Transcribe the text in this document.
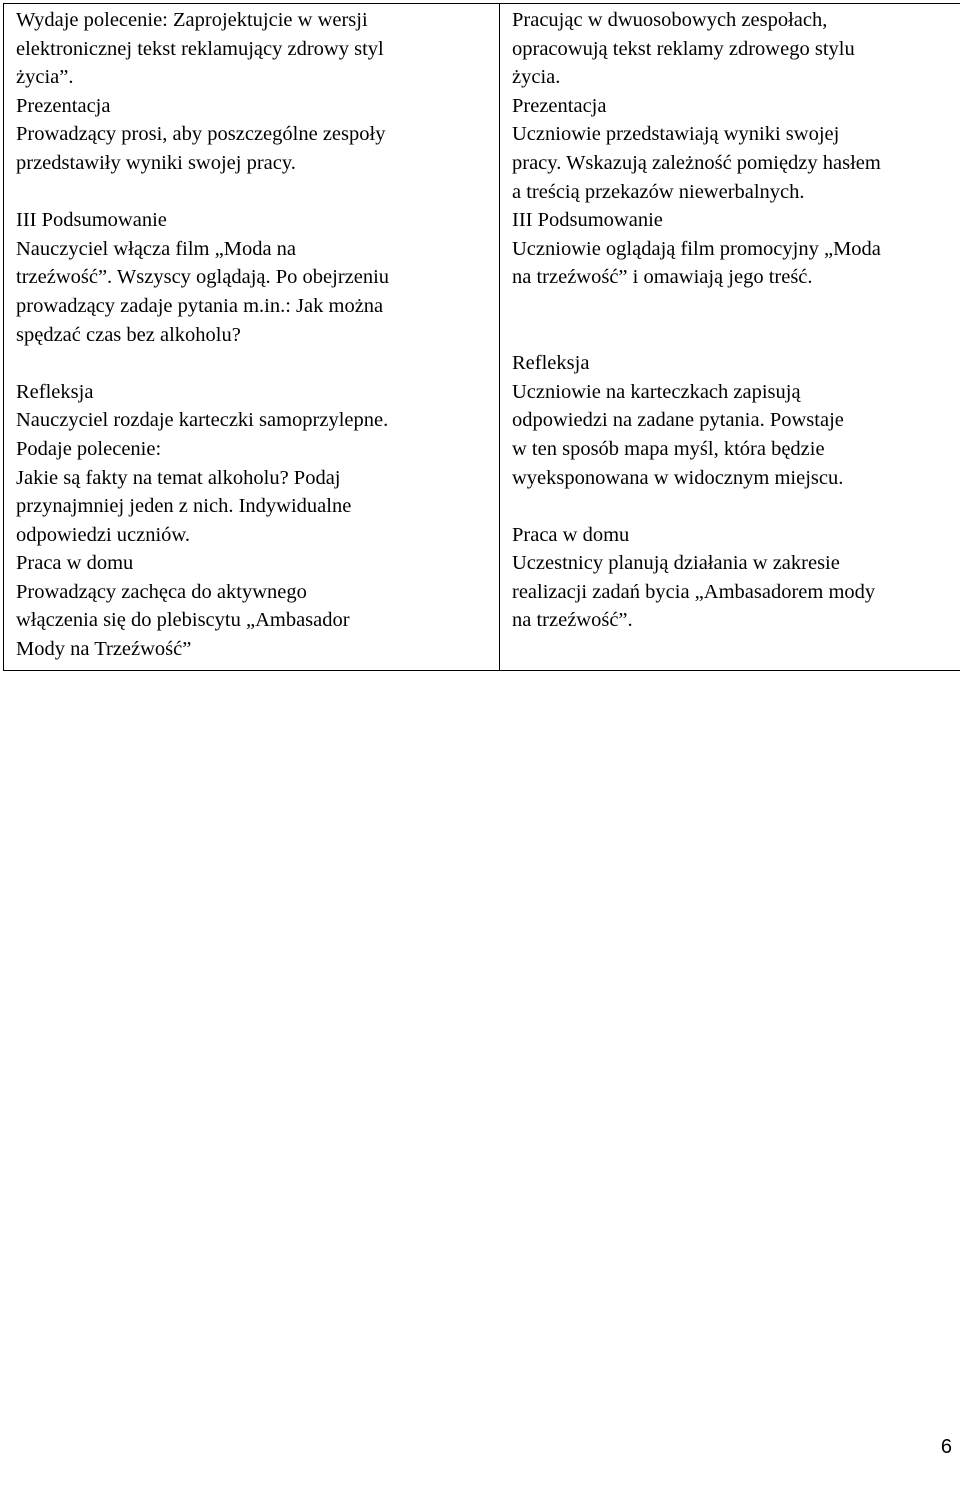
Wydaje polecenie: Zaprojektujcie w wersji
elektronicznej tekst reklamujący zdrowy styl
życia”.
Prezentacja
Prowadzący prosi, aby poszczególne zespoły
przedstawiły wyniki swojej pracy.
III Podsumowanie
Nauczyciel włącza film „Moda na
trzeźwość”. Wszyscy oglądają. Po obejrzeniu
prowadzący zadaje pytania m.in.: Jak można
spędzać czas bez alkoholu?
Refleksja
Nauczyciel rozdaje karteczki samoprzylepne.
Podaje polecenie:
Jakie są fakty na temat alkoholu? Podaj
przynajmniej jeden z nich. Indywidualne
odpowiedzi uczniów.
Praca w domu
Prowadzący zachęca do aktywnego
włączenia się do plebiscytu „Ambasador
Mody na Trzeźwość”

Pracując w dwuosobowych zespołach,
opracowują tekst reklamy zdrowego stylu
życia.
Prezentacja
Uczniowie przedstawiają wyniki swojej
pracy. Wskazują zależność pomiędzy hasłem
a treścią przekazów niewerbalnych.
III Podsumowanie
Uczniowie oglądają film promocyjny „Moda
na trzeźwość” i omawiają jego treść.
Refleksja
Uczniowie na karteczkach zapisują
odpowiedzi na zadane pytania. Powstaje
w ten sposób mapa myśl, która będzie
wyeksponowana w widocznym miejscu.
Praca w domu
Uczestnicy planują działania w zakresie
realizacji zadań bycia „Ambasadorem mody
na trzeźwość”.
6
